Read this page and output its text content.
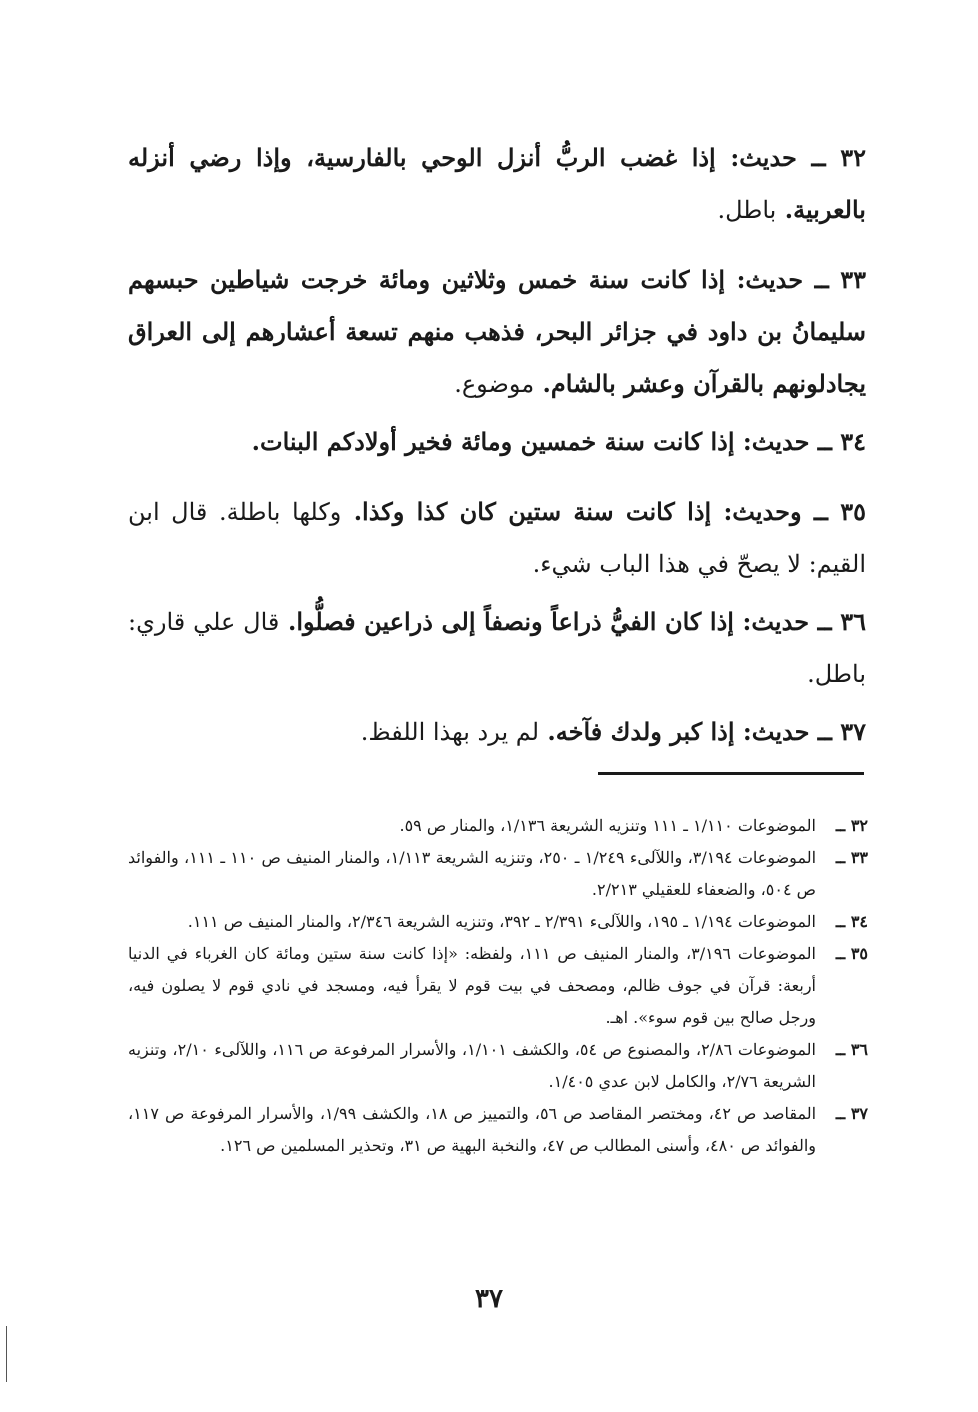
٣٢ ــ حديث: إذا غضب الربُّ أنزل الوحي بالفارسية، وإذا رضي أنزله بالعربية. باطل.

٣٣ ــ حديث: إذا كانت سنة خمس وثلاثين ومائة خرجت شياطين حبسهم سليمانُ بن داود في جزائر البحر، فذهب منهم تسعة أعشارهم إلى العراق يجادلونهم بالقرآن وعشر بالشام. موضوع.

٣٤ ــ حديث: إذا كانت سنة خمسين ومائة فخير أولادكم البنات.

٣٥ ــ وحديث: إذا كانت سنة ستين كان كذا وكذا. وكلها باطلة. قال ابن القيم: لا يصحّ في هذا الباب شيء.

٣٦ ــ حديث: إذا كان الفيُّ ذراعاً ونصفاً إلى ذراعين فصلُّوا. قال علي قاري: باطل.

٣٧ ــ حديث: إذا كبر ولدك فآخه. لم يرد بهذا اللفظ.

٣٢ ــ
الموضوعات ١/١١٠ ـ ١١١ وتنزيه الشريعة ١/١٣٦، والمنار ص ٥٩.
٣٣ ــ
الموضوعات ٣/١٩٤، واللآلىء ١/٢٤٩ ـ ٢٥٠، وتنزيه الشريعة ١/١١٣، والمنار المنيف ص ١١٠ ـ ١١١، والفوائد ص ٥٠٤، والضعفاء للعقيلي ٢/٢١٣.
٣٤ ــ
الموضوعات ١/١٩٤ ـ ١٩٥، واللآلىء ٢/٣٩١ ـ ٣٩٢، وتنزيه الشريعة ٢/٣٤٦، والمنار المنيف ص ١١١.
٣٥ ــ
الموضوعات ٣/١٩٦، والمنار المنيف ص ١١١، ولفظه: «إذا كانت سنة ستين ومائة كان الغرباء في الدنيا أربعة: قرآن في جوف ظالم، ومصحف في بيت قوم لا يقرأ فيه، ومسجد في نادي قوم لا يصلون فيه، ورجل صالح بين قوم سوء». اهـ.
٣٦ ــ
الموضوعات ٢/٨٦، والمصنوع ص ٥٤، والكشف ١/١٠١، والأسرار المرفوعة ص ١١٦، واللآلىء ٢/١٠، وتنزيه الشريعة ٢/٧٦، والكامل لابن عدي ١/٤٠٥.
٣٧ ــ
المقاصد ص ٤٢، ومختصر المقاصد ص ٥٦، والتمييز ص ١٨، والكشف ١/٩٩، والأسرار المرفوعة ص ١١٧، والفوائد ص ٤٨٠، وأسنى المطالب ص ٤٧، والنخبة البهية ص ٣١، وتحذير المسلمين ص ١٢٦.
٣٧
